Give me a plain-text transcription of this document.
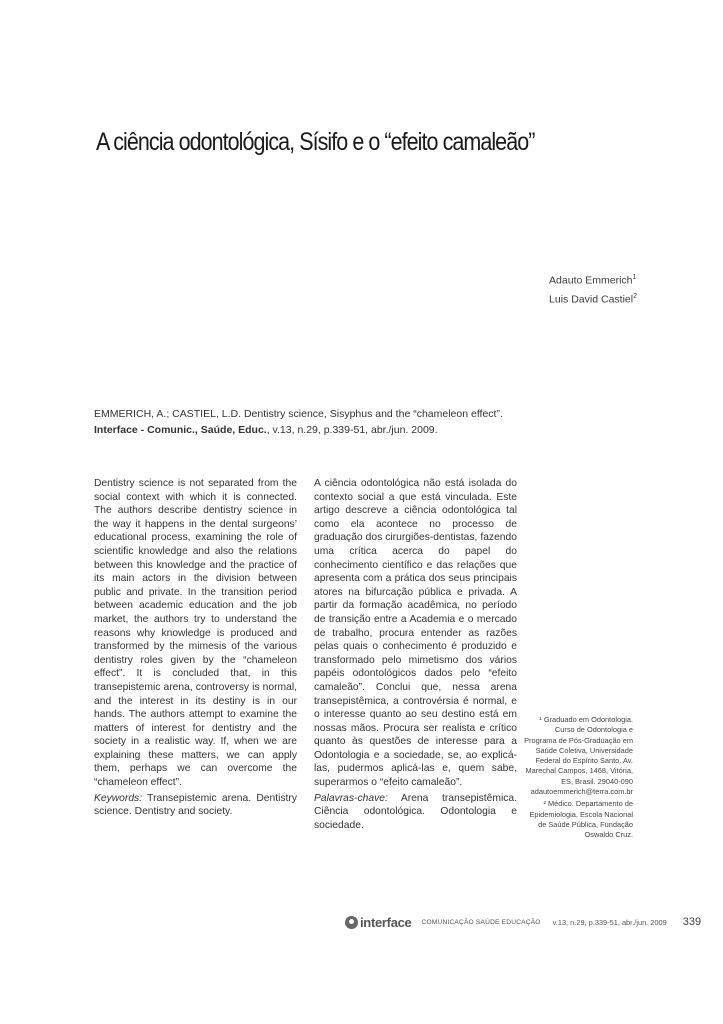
A ciência odontológica, Sísifo e o “efeito camaleão”
Adauto Emmerich$^1$
Luis David Castiel$^2$
EMMERICH, A.; CASTIEL, L.D. Dentistry science, Sisyphus and the “chameleon effect”.
Interface - Comunic., Saúde, Educ., v.13, n.29, p.339-51, abr./jun. 2009.
Dentistry science is not separated from the social context with which it is connected. The authors describe dentistry science in the way it happens in the dental surgeons’ educational process, examining the role of scientific knowledge and also the relations between this knowledge and the practice of its main actors in the division between public and private. In the transition period between academic education and the job market, the authors try to understand the reasons why knowledge is produced and transformed by the mimesis of the various dentistry roles given by the “chameleon effect”. It is concluded that, in this transepistemic arena, controversy is normal, and the interest in its destiny is in our hands. The authors attempt to examine the matters of interest for dentistry and the society in a realistic way. If, when we are explaining these matters, we can apply them, perhaps we can overcome the “chameleon effect”.
Keywords: Transepistemic arena. Dentistry science. Dentistry and society.
A ciência odontológica não está isolada do contexto social a que está vinculada. Este artigo descreve a ciência odontológica tal como ela acontece no processo de graduação dos cirurgiões-dentistas, fazendo uma crítica acerca do papel do conhecimento científico e das relações que apresenta com a prática dos seus principais atores na bifurcação pública e privada. A partir da formação acadêmica, no período de transição entre a Academia e o mercado de trabalho, procura entender as razões pelas quais o conhecimento é produzido e transformado pelo mimetismo dos vários papéis odontológicos dados pelo “efeito camaleão”. Conclui que, nessa arena transepistêmica, a controvérsia é normal, e o interesse quanto ao seu destino está em nossas mãos. Procura ser realista e crítico quanto às questões de interesse para a Odontologia e a sociedade, se, ao explicá-las, pudermos aplicá-las e, quem sabe, superarmos o “efeito camaleão”.
Palavras-chave: Arena transepistêmica. Ciência odontológica. Odontologia e sociedade.
¹ Graduado em Odontologia. Curso de Odontologia e Programa de Pós-Graduação em Saúde Coletiva, Universidade Federal do Espírito Santo. Av. Marechal Campos, 1468, Vitória, ES, Brasil. 29040-090 adautoemmerich@terra.com.br
² Médico. Departamento de Epidemiologia, Escola Nacional de Saúde Pública, Fundação Oswaldo Cruz.
interface COMUNICAÇÃO SAÚDE EDUCAÇÃO v.13, n.29, p.339-51, abr./jun. 2009 339
